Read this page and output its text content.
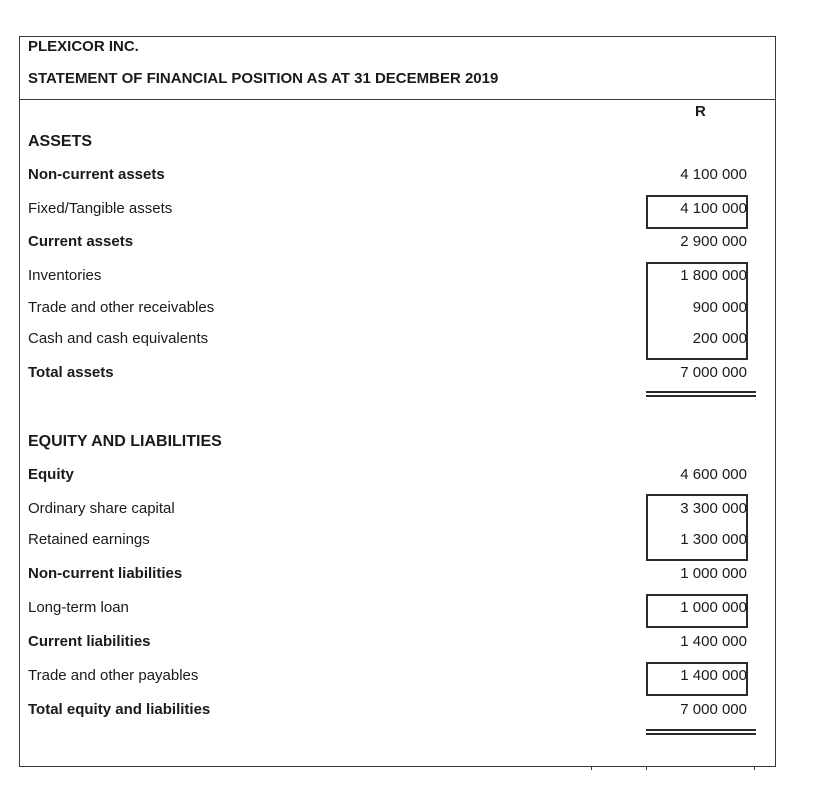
PLEXICOR INC.
STATEMENT OF FINANCIAL POSITION AS AT 31 DECEMBER 2019
R
ASSETS
Non-current assets	4 100 000
Fixed/Tangible assets	4 100 000
Current assets	2 900 000
Inventories	1 800 000
Trade and other receivables	900 000
Cash and cash equivalents	200 000
Total assets	7 000 000
EQUITY AND LIABILITIES
Equity	4 600 000
Ordinary share capital	3 300 000
Retained earnings	1 300 000
Non-current liabilities	1 000 000
Long-term loan	1 000 000
Current liabilities	1 400 000
Trade and other payables	1 400 000
Total equity and liabilities	7 000 000
